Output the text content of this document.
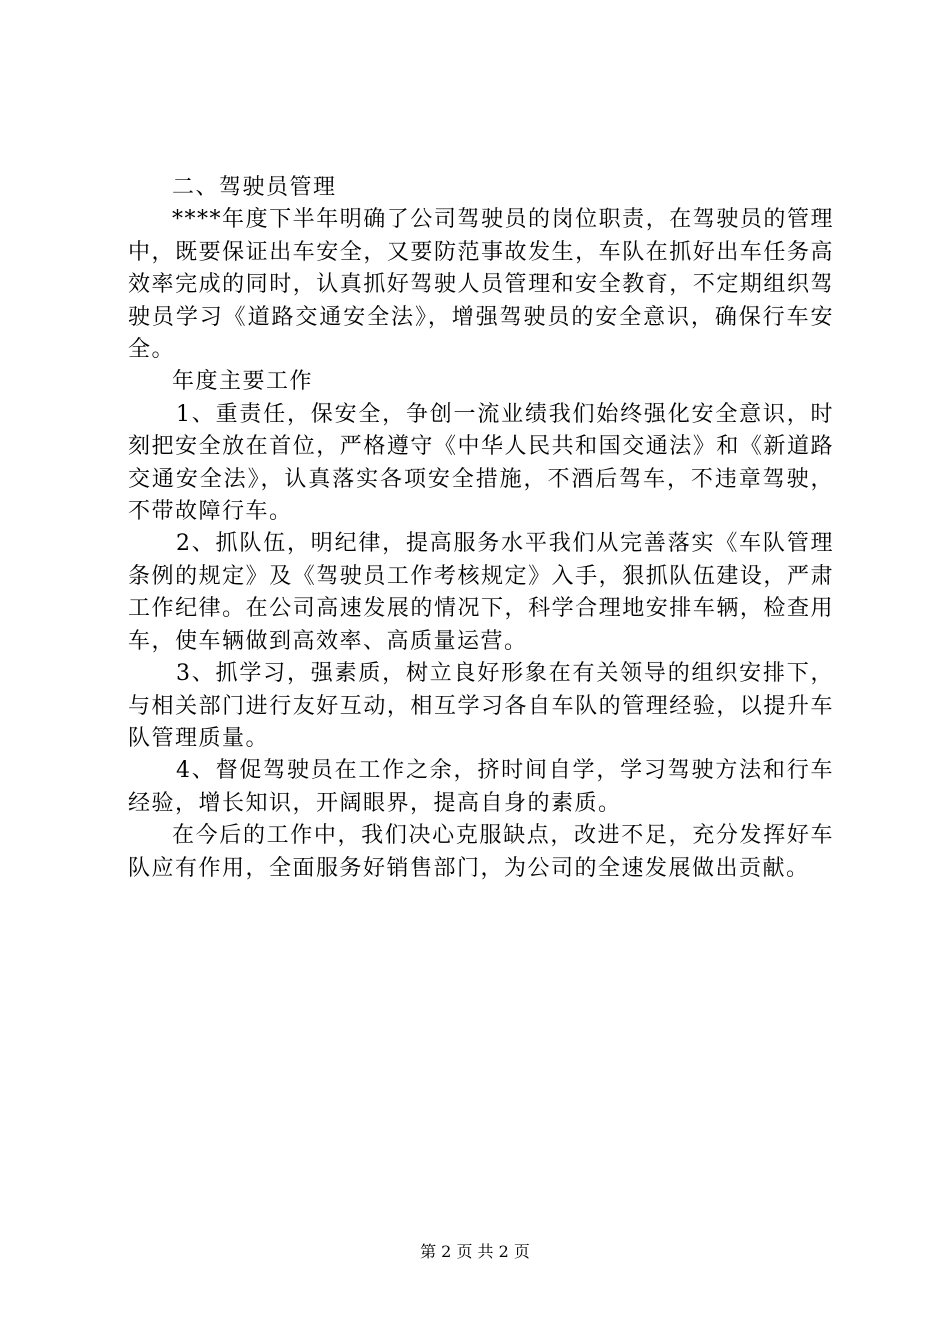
二、驾驶员管理

****年度下半年明确了公司驾驶员的岗位职责，在驾驶员的管理中，既要保证出车安全，又要防范事故发生，车队在抓好出车任务高效率完成的同时，认真抓好驾驶人员管理和安全教育，不定期组织驾驶员学习《道路交通安全法》，增强驾驶员的安全意识，确保行车安全。

年度主要工作

1、重责任，保安全，争创一流业绩我们始终强化安全意识，时刻把安全放在首位，严格遵守《中华人民共和国交通法》和《新道路交通安全法》，认真落实各项安全措施，不酒后驾车，不违章驾驶，不带故障行车。

2、抓队伍，明纪律，提高服务水平我们从完善落实《车队管理条例的规定》及《驾驶员工作考核规定》入手，狠抓队伍建设，严肃工作纪律。在公司高速发展的情况下，科学合理地安排车辆，检查用车，使车辆做到高效率、高质量运营。

3、抓学习，强素质，树立良好形象在有关领导的组织安排下，与相关部门进行友好互动，相互学习各自车队的管理经验，以提升车队管理质量。

4、督促驾驶员在工作之余，挤时间自学，学习驾驶方法和行车经验，增长知识，开阔眼界，提高自身的素质。

在今后的工作中，我们决心克服缺点，改进不足，充分发挥好车队应有作用，全面服务好销售部门，为公司的全速发展做出贡献。

第 2 页 共 2 页
